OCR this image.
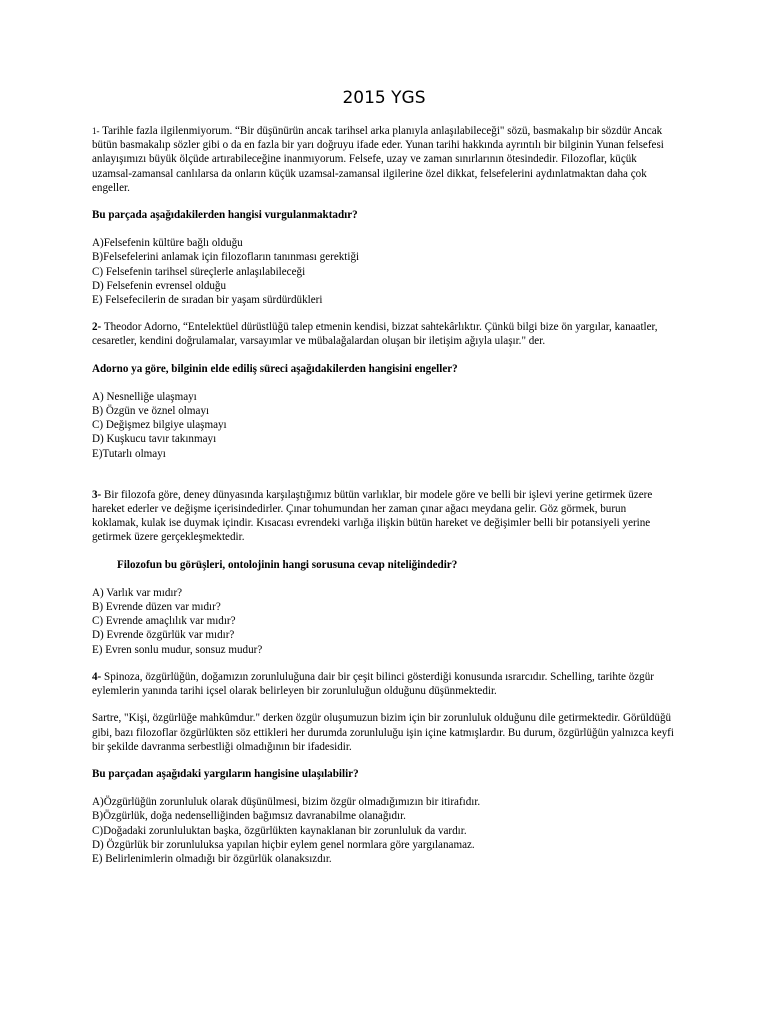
2015 YGS

1- Tarihle fazla ilgilenmiyorum. “Bir düşünürün ancak tarihsel arka planıyla anlaşılabileceği" sözü, basmakalıp bir sözdür Ancak bütün basmakalıp sözler gibi o da en fazla bir yarı doğruyu ifade eder. Yunan tarihi hakkında ayrıntılı bir bilginin Yunan felsefesi anlayışımızı büyük ölçüde artırabileceğine inanmıyorum. Felsefe, uzay ve zaman sınırlarının ötesindedir. Filozoflar, küçük uzamsal-zamansal canlılarsa da onların küçük uzamsal-zamansal ilgilerine özel dikkat, felsefelerini aydınlatmaktan daha çok engeller.

Bu parçada aşağıdakilerden hangisi vurgulanmaktadır?

A)Felsefenin kültüre bağlı olduğu
B)Felsefelerini anlamak için filozofların tanınması gerektiği
C) Felsefenin tarihsel süreçlerle anlaşılabileceği
D) Felsefenin evrensel olduğu
E) Felsefecilerin de sıradan bir yaşam sürdürdükleri

2- Theodor Adorno, “Entelektüel dürüstlüğü talep etmenin kendisi, bizzat sahtekârlıktır. Çünkü bilgi bize ön yargılar, kanaatler, cesaretler, kendini doğrulamalar, varsayımlar ve mübalağalardan oluşan bir iletişim ağıyla ulaşır." der.

Adorno ya göre, bilginin elde ediliş süreci aşağıdakilerden hangisini engeller?

A) Nesnelliğe ulaşmayı
B) Özgün ve öznel olmayı
C) Değişmez bilgiye ulaşmayı
D) Kuşkucu tavır takınmayı
E)Tutarlı olmayı

3- Bir filozofa göre, deney dünyasında karşılaştığımız bütün varlıklar, bir modele göre ve belli bir işlevi yerine getirmek üzere hareket ederler ve değişme içerisindedirler. Çınar tohumundan her zaman çınar ağacı meydana gelir. Göz görmek, burun koklamak, kulak ise duymak içindir. Kısacası evrendeki varlığa ilişkin bütün hareket ve değişimler belli bir potansiyeli yerine getirmek üzere gerçekleşmektedir.

Filozofun bu görüşleri, ontolojinin hangi sorusuna cevap niteliğindedir?

A) Varlık var mıdır?
B) Evrende düzen var mıdır?
C) Evrende amaçlılık var mıdır?
D) Evrende özgürlük var mıdır?
E) Evren sonlu mudur, sonsuz mudur?

4- Spinoza, özgürlüğün, doğamızın zorunluluğuna dair bir çeşit bilinci gösterdiği konusunda ısrarcıdır. Schelling, tarihte özgür eylemlerin yanında tarihi içsel olarak belirleyen bir zorunluluğun olduğunu düşünmektedir.

Sartre, "Kişi, özgürlüğe mahkûmdur." derken özgür oluşumuzun bizim için bir zorunluluk olduğunu dile getirmektedir. Görüldüğü gibi, bazı filozoflar özgürlükten söz ettikleri her durumda zorunluluğu işin içine katmışlardır. Bu durum, özgürlüğün yalnızca keyfi bir şekilde davranma serbestliği olmadığının bir ifadesidir.

Bu parçadan aşağıdaki yargıların hangisine ulaşılabilir?

A)Özgürlüğün zorunluluk olarak düşünülmesi, bizim özgür olmadığımızın bir itirafıdır.
B)Özgürlük, doğa nedenselliğinden bağımsız davranabilme olanağıdır.
C)Doğadaki zorunluluktan başka, özgürlükten kaynaklanan bir zorunluluk da vardır.
D) Özgürlük bir zorunluluksa yapılan hiçbir eylem genel normlara göre yargılanamaz.
E) Belirlenimlerin olmadığı bir özgürlük olanaksızdır.
